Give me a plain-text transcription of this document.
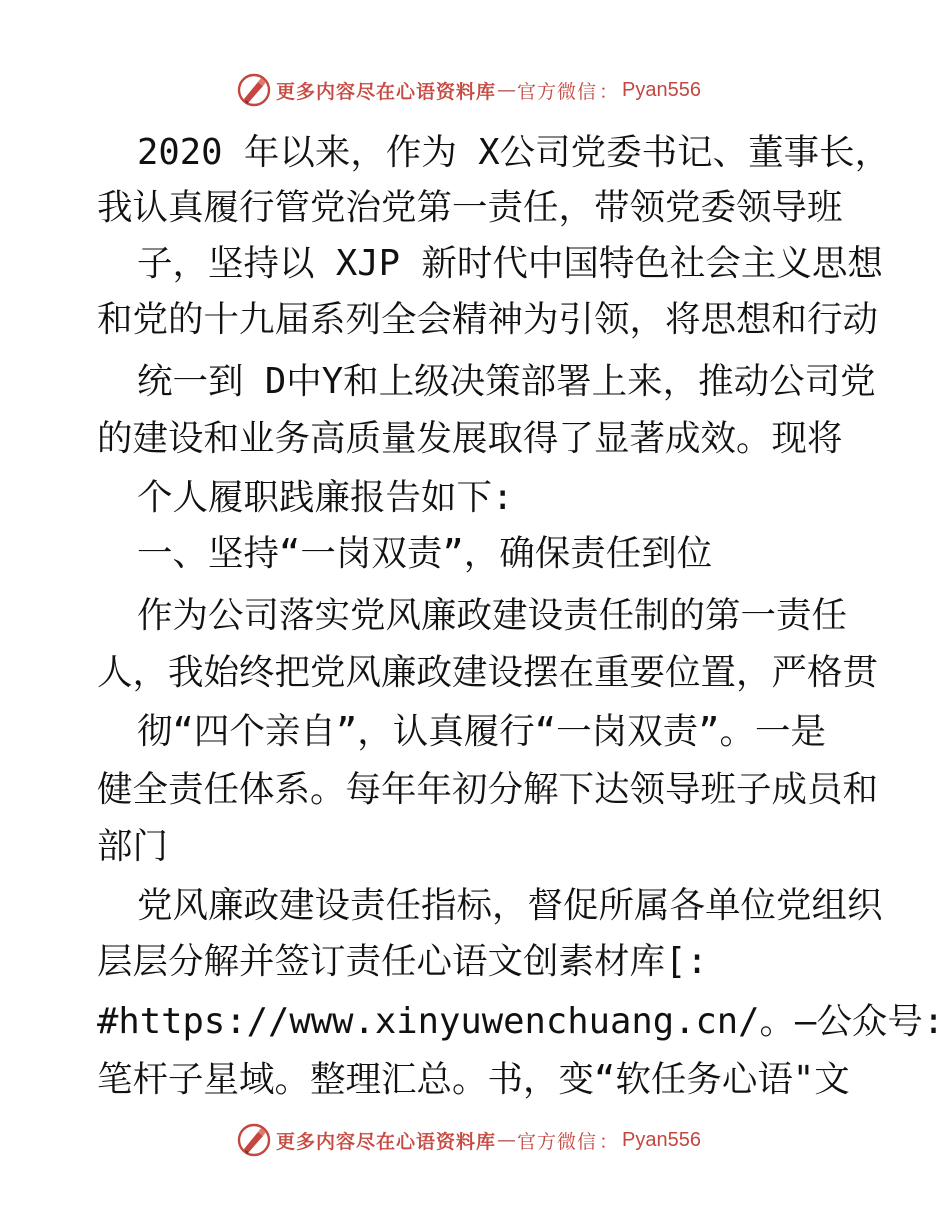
更多内容尽在心语资料库 — 官方微信 ： Pyan556
2020 年以来，作为 X公司党委书记、董事长，
我认真履行管党治党第一责任，带领党委领导班
子，坚持以 XJP 新时代中国特色社会主义思想
和党的十九届系列全会精神为引领，将思想和行动
统一到 D中Y和上级决策部署上来，推动公司党
的建设和业务高质量发展取得了显著成效。现将
个人履职践廉报告如下:
一、坚持“一岗双责”，确保责任到位
作为公司落实党风廉政建设责任制的第一责任
人，我始终把党风廉政建设摆在重要位置，严格贯
彻“四个亲自”，认真履行“一岗双责”。一是
健全责任体系。每年年初分解下达领导班子成员和
部门
党风廉政建设责任指标，督促所属各单位党组织
层层分解并签订责任心语文创素材库[:
#https://www.xinyuwenchuang.cn/。—公众号:
笔杆子星域。整理汇总。书，变“软任务心语"文
更多内容尽在心语资料库 — 官方微信 ： Pyan556
